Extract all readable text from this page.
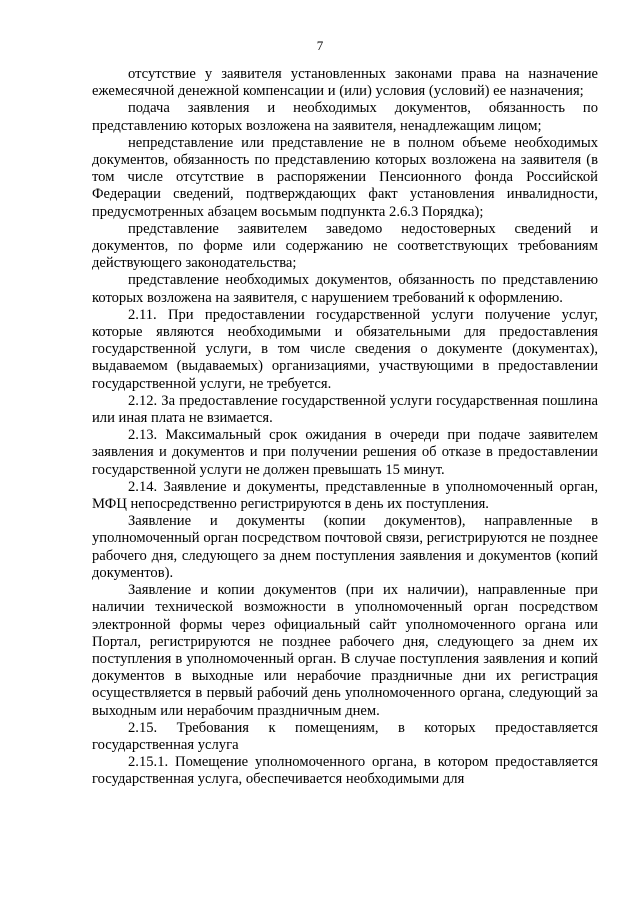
7

отсутствие у заявителя установленных законами права на назначение ежемесячной денежной компенсации и (или) условия (условий) ее назначения;

подача заявления и необходимых документов, обязанность по представлению которых возложена на заявителя, ненадлежащим лицом;

непредставление или представление не в полном объеме необходимых документов, обязанность по представлению которых возложена на заявителя (в том числе отсутствие в распоряжении Пенсионного фонда Российской Федерации сведений, подтверждающих факт установления инвалидности, предусмотренных абзацем восьмым подпункта 2.6.3 Порядка);

представление заявителем заведомо недостоверных сведений и документов, по форме или содержанию не соответствующих требованиям действующего законодательства;

представление необходимых документов, обязанность по представлению которых возложена на заявителя, с нарушением требований к оформлению.

2.11. При предоставлении государственной услуги получение услуг, которые являются необходимыми и обязательными для предоставления государственной услуги, в том числе сведения о документе (документах), выдаваемом (выдаваемых) организациями, участвующими в предоставлении государственной услуги, не требуется.

2.12. За предоставление государственной услуги государственная пошлина или иная плата не взимается.

2.13. Максимальный срок ожидания в очереди при подаче заявителем заявления и документов и при получении решения об отказе в предоставлении государственной услуги не должен превышать 15 минут.

2.14. Заявление и документы, представленные в уполномоченный орган, МФЦ непосредственно регистрируются в день их поступления.

Заявление и документы (копии документов), направленные в уполномоченный орган посредством почтовой связи, регистрируются не позднее рабочего дня, следующего за днем поступления заявления и документов (копий документов).

Заявление и копии документов (при их наличии), направленные при наличии технической возможности в уполномоченный орган посредством электронной формы через официальный сайт уполномоченного органа или Портал, регистрируются не позднее рабочего дня, следующего за днем их поступления в уполномоченный орган. В случае поступления заявления и копий документов в выходные или нерабочие праздничные дни их регистрация осуществляется в первый рабочий день уполномоченного органа, следующий за выходным или нерабочим праздничным днем.

2.15. Требования к помещениям, в которых предоставляется государственная услуга

2.15.1. Помещение уполномоченного органа, в котором предоставляется государственная услуга, обеспечивается необходимыми для
